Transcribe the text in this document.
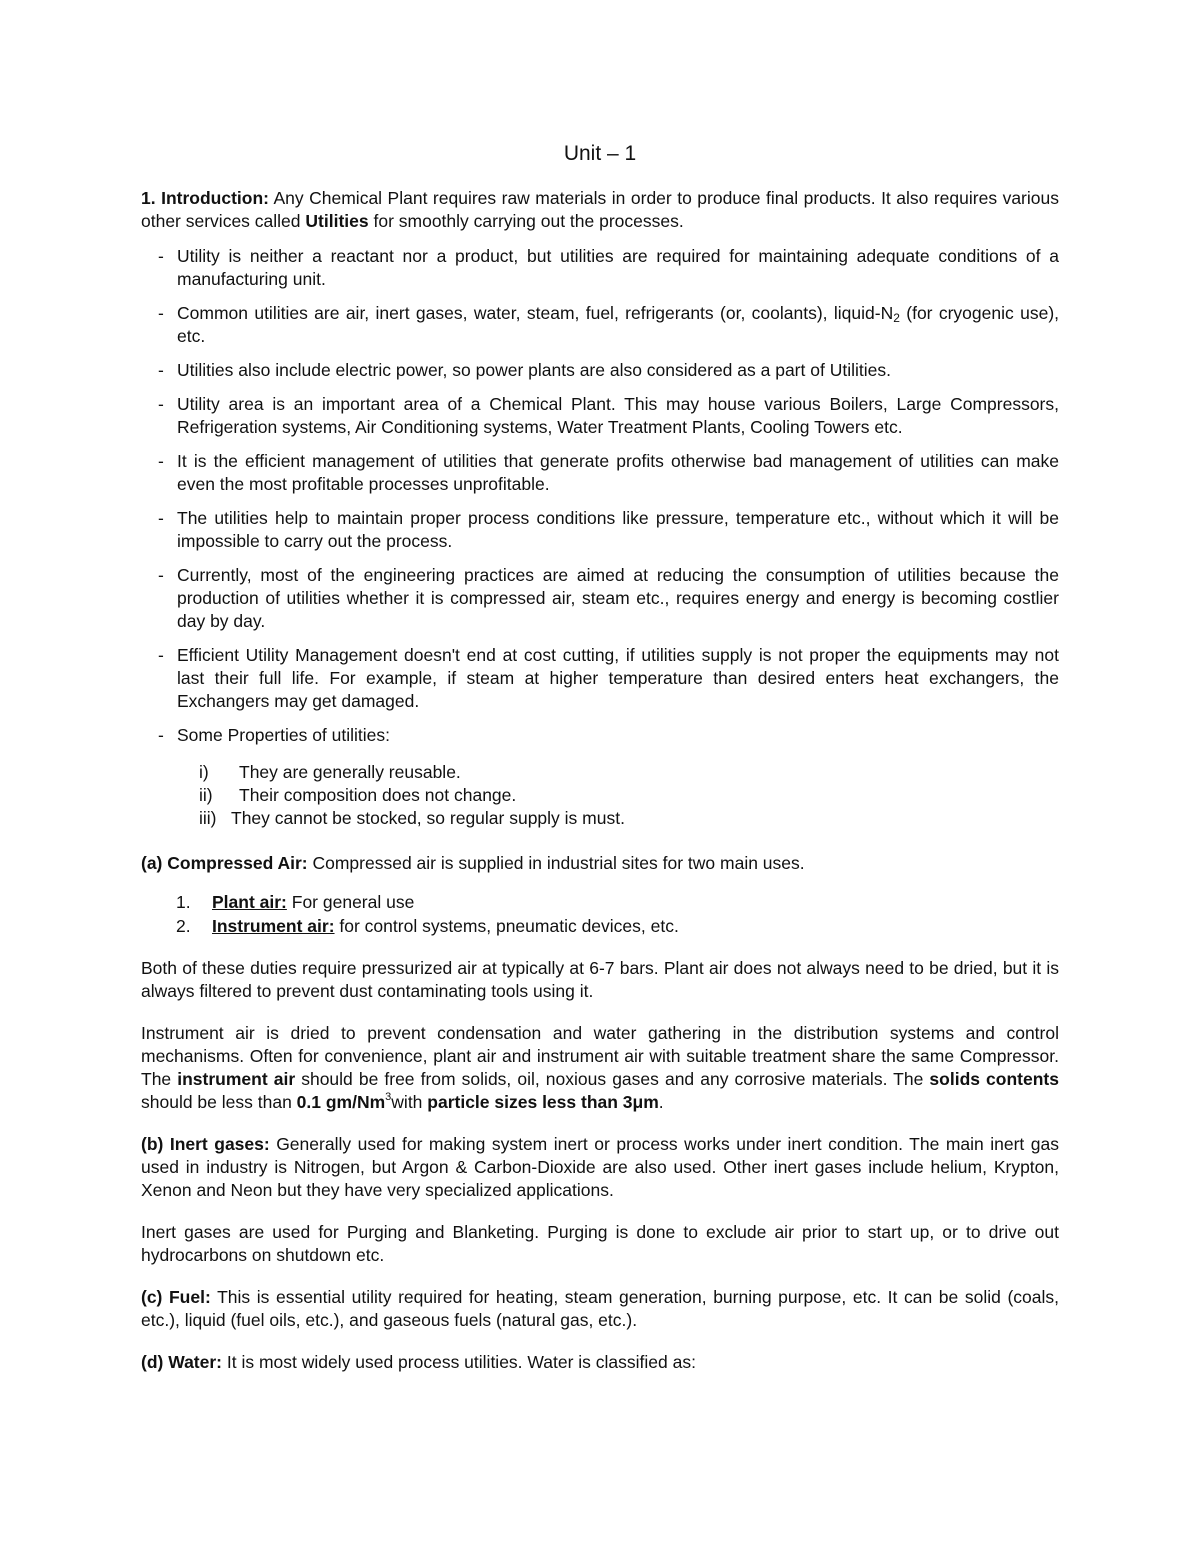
Unit – 1

1. Introduction: Any Chemical Plant requires raw materials in order to produce final products. It also requires various other services called Utilities for smoothly carrying out the processes.

- Utility is neither a reactant nor a product, but utilities are required for maintaining adequate conditions of a manufacturing unit.
- Common utilities are air, inert gases, water, steam, fuel, refrigerants (or, coolants), liquid-$N_2$ (for cryogenic use), etc.
- Utilities also include electric power, so power plants are also considered as a part of Utilities.
- Utility area is an important area of a Chemical Plant. This may house various Boilers, Large Compressors, Refrigeration systems, Air Conditioning systems, Water Treatment Plants, Cooling Towers etc.
- It is the efficient management of utilities that generate profits otherwise bad management of utilities can make even the most profitable processes unprofitable.
- The utilities help to maintain proper process conditions like pressure, temperature etc., without which it will be impossible to carry out the process.
- Currently, most of the engineering practices are aimed at reducing the consumption of utilities because the production of utilities whether it is compressed air, steam etc., requires energy and energy is becoming costlier day by day.
- Efficient Utility Management doesn't end at cost cutting, if utilities supply is not proper the equipments may not last their full life. For example, if steam at higher temperature than desired enters heat exchangers, the Exchangers may get damaged.
- Some Properties of utilities:
i)	They are generally reusable.
ii)	Their composition does not change.
iii) They cannot be stocked, so regular supply is must.

(a) Compressed Air: Compressed air is supplied in industrial sites for two main uses.

1.	Plant air: For general use
2.	Instrument air: for control systems, pneumatic devices, etc.

Both of these duties require pressurized air at typically at 6-7 bars. Plant air does not always need to be dried, but it is always filtered to prevent dust contaminating tools using it.

Instrument air is dried to prevent condensation and water gathering in the distribution systems and control mechanisms. Often for convenience, plant air and instrument air with suitable treatment share the same Compressor. The instrument air should be free from solids, oil, noxious gases and any corrosive materials. The solids contents should be less than 0.1 gm/Nm$^3$with particle sizes less than 3μm.

(b) Inert gases: Generally used for making system inert or process works under inert condition. The main inert gas used in industry is Nitrogen, but Argon & Carbon-Dioxide are also used. Other inert gases include helium, Krypton, Xenon and Neon but they have very specialized applications.

Inert gases are used for Purging and Blanketing. Purging is done to exclude air prior to start up, or to drive out hydrocarbons on shutdown etc.

(c) Fuel: This is essential utility required for heating, steam generation, burning purpose, etc. It can be solid (coals, etc.), liquid (fuel oils, etc.), and gaseous fuels (natural gas, etc.).

(d) Water: It is most widely used process utilities. Water is classified as:
